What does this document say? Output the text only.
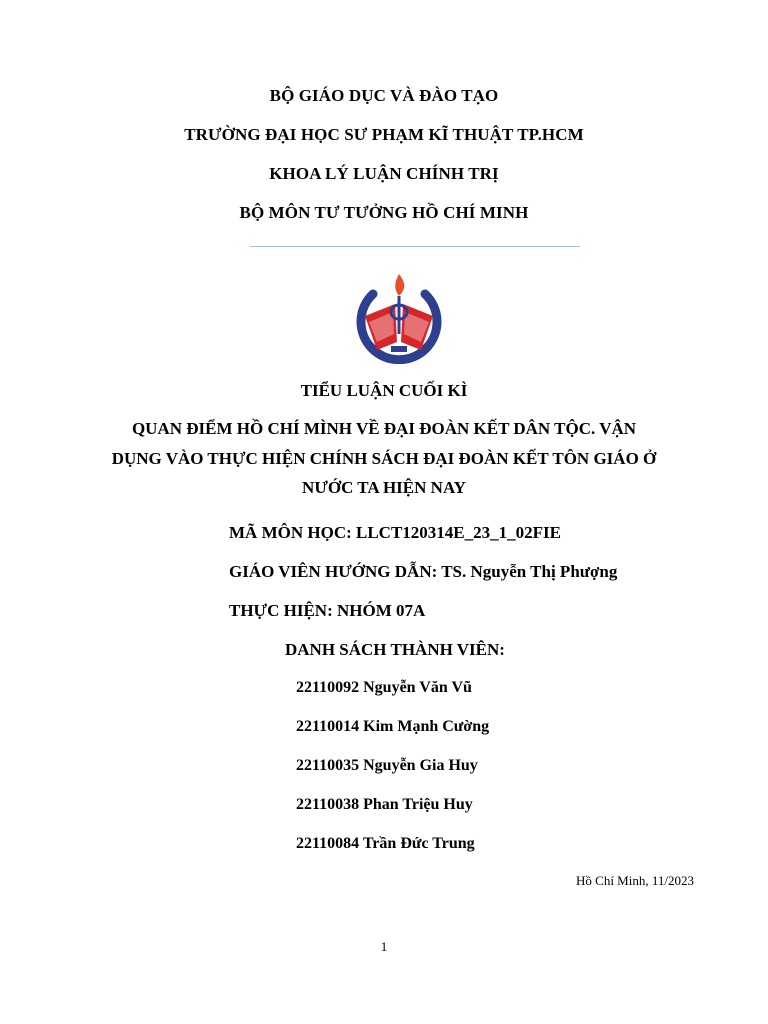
BỘ GIÁO DỤC VÀ ĐÀO TẠO
TRƯỜNG ĐẠI HỌC SƯ PHẠM KĨ THUẬT TP.HCM
KHOA LÝ LUẬN CHÍNH TRỊ
BỘ MÔN TƯ TƯỞNG HỒ CHÍ MINH
TIỂU LUẬN CUỐI KÌ
QUAN ĐIỂM HỒ CHÍ MÌNH VỀ ĐẠI ĐOÀN KẾT DÂN TỘC. VẬN
DỤNG VÀO THỰC HIỆN CHÍNH SÁCH ĐẠI ĐOÀN KẾT TÔN GIÁO Ở
NƯỚC TA HIỆN NAY
MÃ MÔN HỌC: LLCT120314E_23_1_02FIE
GIÁO VIÊN HƯỚNG DẪN: TS. Nguyễn Thị Phượng
THỰC HIỆN: NHÓM 07A
DANH SÁCH THÀNH VIÊN:
22110092 Nguyễn Văn Vũ
22110014 Kim Mạnh Cường
22110035 Nguyễn Gia Huy
22110038 Phan Triệu Huy
22110084 Trần Đức Trung
Hồ Chí Minh, 11/2023
1
